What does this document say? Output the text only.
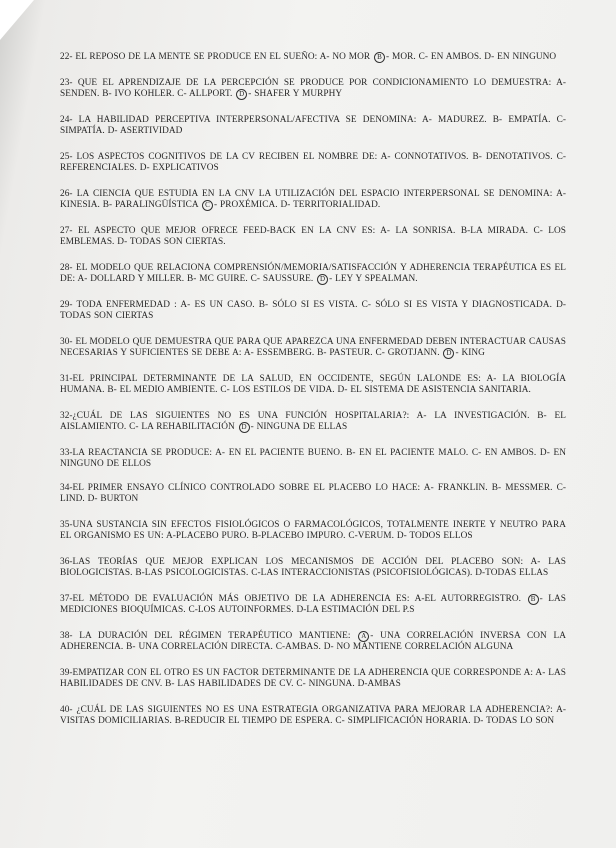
22- EL REPOSO DE LA MENTE SE PRODUCE EN EL SUEÑO: A- NO MOR B - MOR. C- EN AMBOS. D- EN NINGUNO

23- QUE EL APRENDIZAJE DE LA PERCEPCIÓN SE PRODUCE POR CONDICIONAMIENTO LO DEMUESTRA: A-SENDEN. B- IVO KOHLER. C- ALLPORT. D - SHAFER Y MURPHY

24- LA HABILIDAD PERCEPTIVA INTERPERSONAL/AFECTIVA SE DENOMINA: A- MADUREZ. B- EMPATÍA. C- SIMPATÍA. D- ASERTIVIDAD

25- LOS ASPECTOS COGNITIVOS DE LA CV RECIBEN EL NOMBRE DE: A- CONNOTATIVOS. B- DENOTATIVOS. C- REFERENCIALES. D- EXPLICATIVOS

26- LA CIENCIA QUE ESTUDIA EN LA CNV LA UTILIZACIÓN DEL ESPACIO INTERPERSONAL SE DENOMINA: A- KINESIA. B- PARALINGÜÍSTICA C - PROXÉMICA. D- TERRITORIALIDAD.

27- EL ASPECTO QUE MEJOR OFRECE FEED-BACK EN LA CNV ES: A- LA SONRISA. B-LA MIRADA. C- LOS EMBLEMAS. D- TODAS SON CIERTAS.

28- EL MODELO QUE RELACIONA COMPRENSIÓN/MEMORIA/SATISFACCIÓN Y ADHERENCIA TERAPÉUTICA ES EL DE: A- DOLLARD Y MILLER. B- MC GUIRE. C- SAUSSURE. D - LEY Y SPEALMAN.

29- TODA ENFERMEDAD : A- ES UN CASO. B- SÓLO SI ES VISTA. C- SÓLO SI ES VISTA Y DIAGNOSTICADA. D- TODAS SON CIERTAS

30- EL MODELO QUE DEMUESTRA QUE PARA QUE APAREZCA UNA ENFERMEDAD DEBEN INTERACTUAR CAUSAS NECESARIAS Y SUFICIENTES SE DEBE A: A- ESSEMBERG. B- PASTEUR. C- GROTJANN. D - KING

31-EL PRINCIPAL DETERMINANTE DE LA SALUD, EN OCCIDENTE, SEGÚN LALONDE ES: A- LA BIOLOGÍA HUMANA. B- EL MEDIO AMBIENTE. C- LOS ESTILOS DE VIDA. D- EL SISTEMA DE ASISTENCIA SANITARIA.

32-¿CUÁL DE LAS SIGUIENTES NO ES UNA FUNCIÓN HOSPITALARIA?: A- LA INVESTIGACIÓN. B- EL AISLAMIENTO. C- LA REHABILITACIÓN D - NINGUNA DE ELLAS

33-LA REACTANCIA SE PRODUCE: A- EN EL PACIENTE BUENO. B- EN EL PACIENTE MALO. C- EN AMBOS. D- EN NINGUNO DE ELLOS

34-EL PRIMER ENSAYO CLÍNICO CONTROLADO SOBRE EL PLACEBO LO HACE: A- FRANKLIN. B- MESSMER. C- LIND. D- BURTON

35-UNA SUSTANCIA SIN EFECTOS FISIOLÓGICOS O FARMACOLÓGICOS, TOTALMENTE INERTE Y NEUTRO PARA EL ORGANISMO ES UN: A-PLACEBO PURO. B-PLACEBO IMPURO. C-VERUM. D- TODOS ELLOS

36-LAS TEORÍAS QUE MEJOR EXPLICAN LOS MECANISMOS DE ACCIÓN DEL PLACEBO SON: A- LAS BIOLOGICISTAS. B-LAS PSICOLOGICISTAS. C-LAS INTERACCIONISTAS (PSICOFISIOLÓGICAS). D-TODAS ELLAS

37-EL MÉTODO DE EVALUACIÓN MÁS OBJETIVO DE LA ADHERENCIA ES: A-EL AUTORREGISTRO. B - LAS MEDICIONES BIOQUÍMICAS. C-LOS AUTOINFORMES. D-LA ESTIMACIÓN DEL P.S

38- LA DURACIÓN DEL RÉGIMEN TERAPÉUTICO MANTIENE: A - UNA CORRELACIÓN INVERSA CON LA ADHERENCIA. B- UNA CORRELACIÓN DIRECTA. C-AMBAS. D- NO MANTIENE CORRELACIÓN ALGUNA

39-EMPATIZAR CON EL OTRO ES UN FACTOR DETERMINANTE DE LA ADHERENCIA QUE CORRESPONDE A: A- LAS HABILIDADES DE CNV. B- LAS HABILIDADES DE CV. C- NINGUNA. D-AMBAS

40- ¿CUÁL DE LAS SIGUIENTES NO ES UNA ESTRATEGIA ORGANIZATIVA PARA MEJORAR LA ADHERENCIA?: A-VISITAS DOMICILIARIAS. B-REDUCIR EL TIEMPO DE ESPERA. C- SIMPLIFICACIÓN HORARIA. D- TODAS LO SON
